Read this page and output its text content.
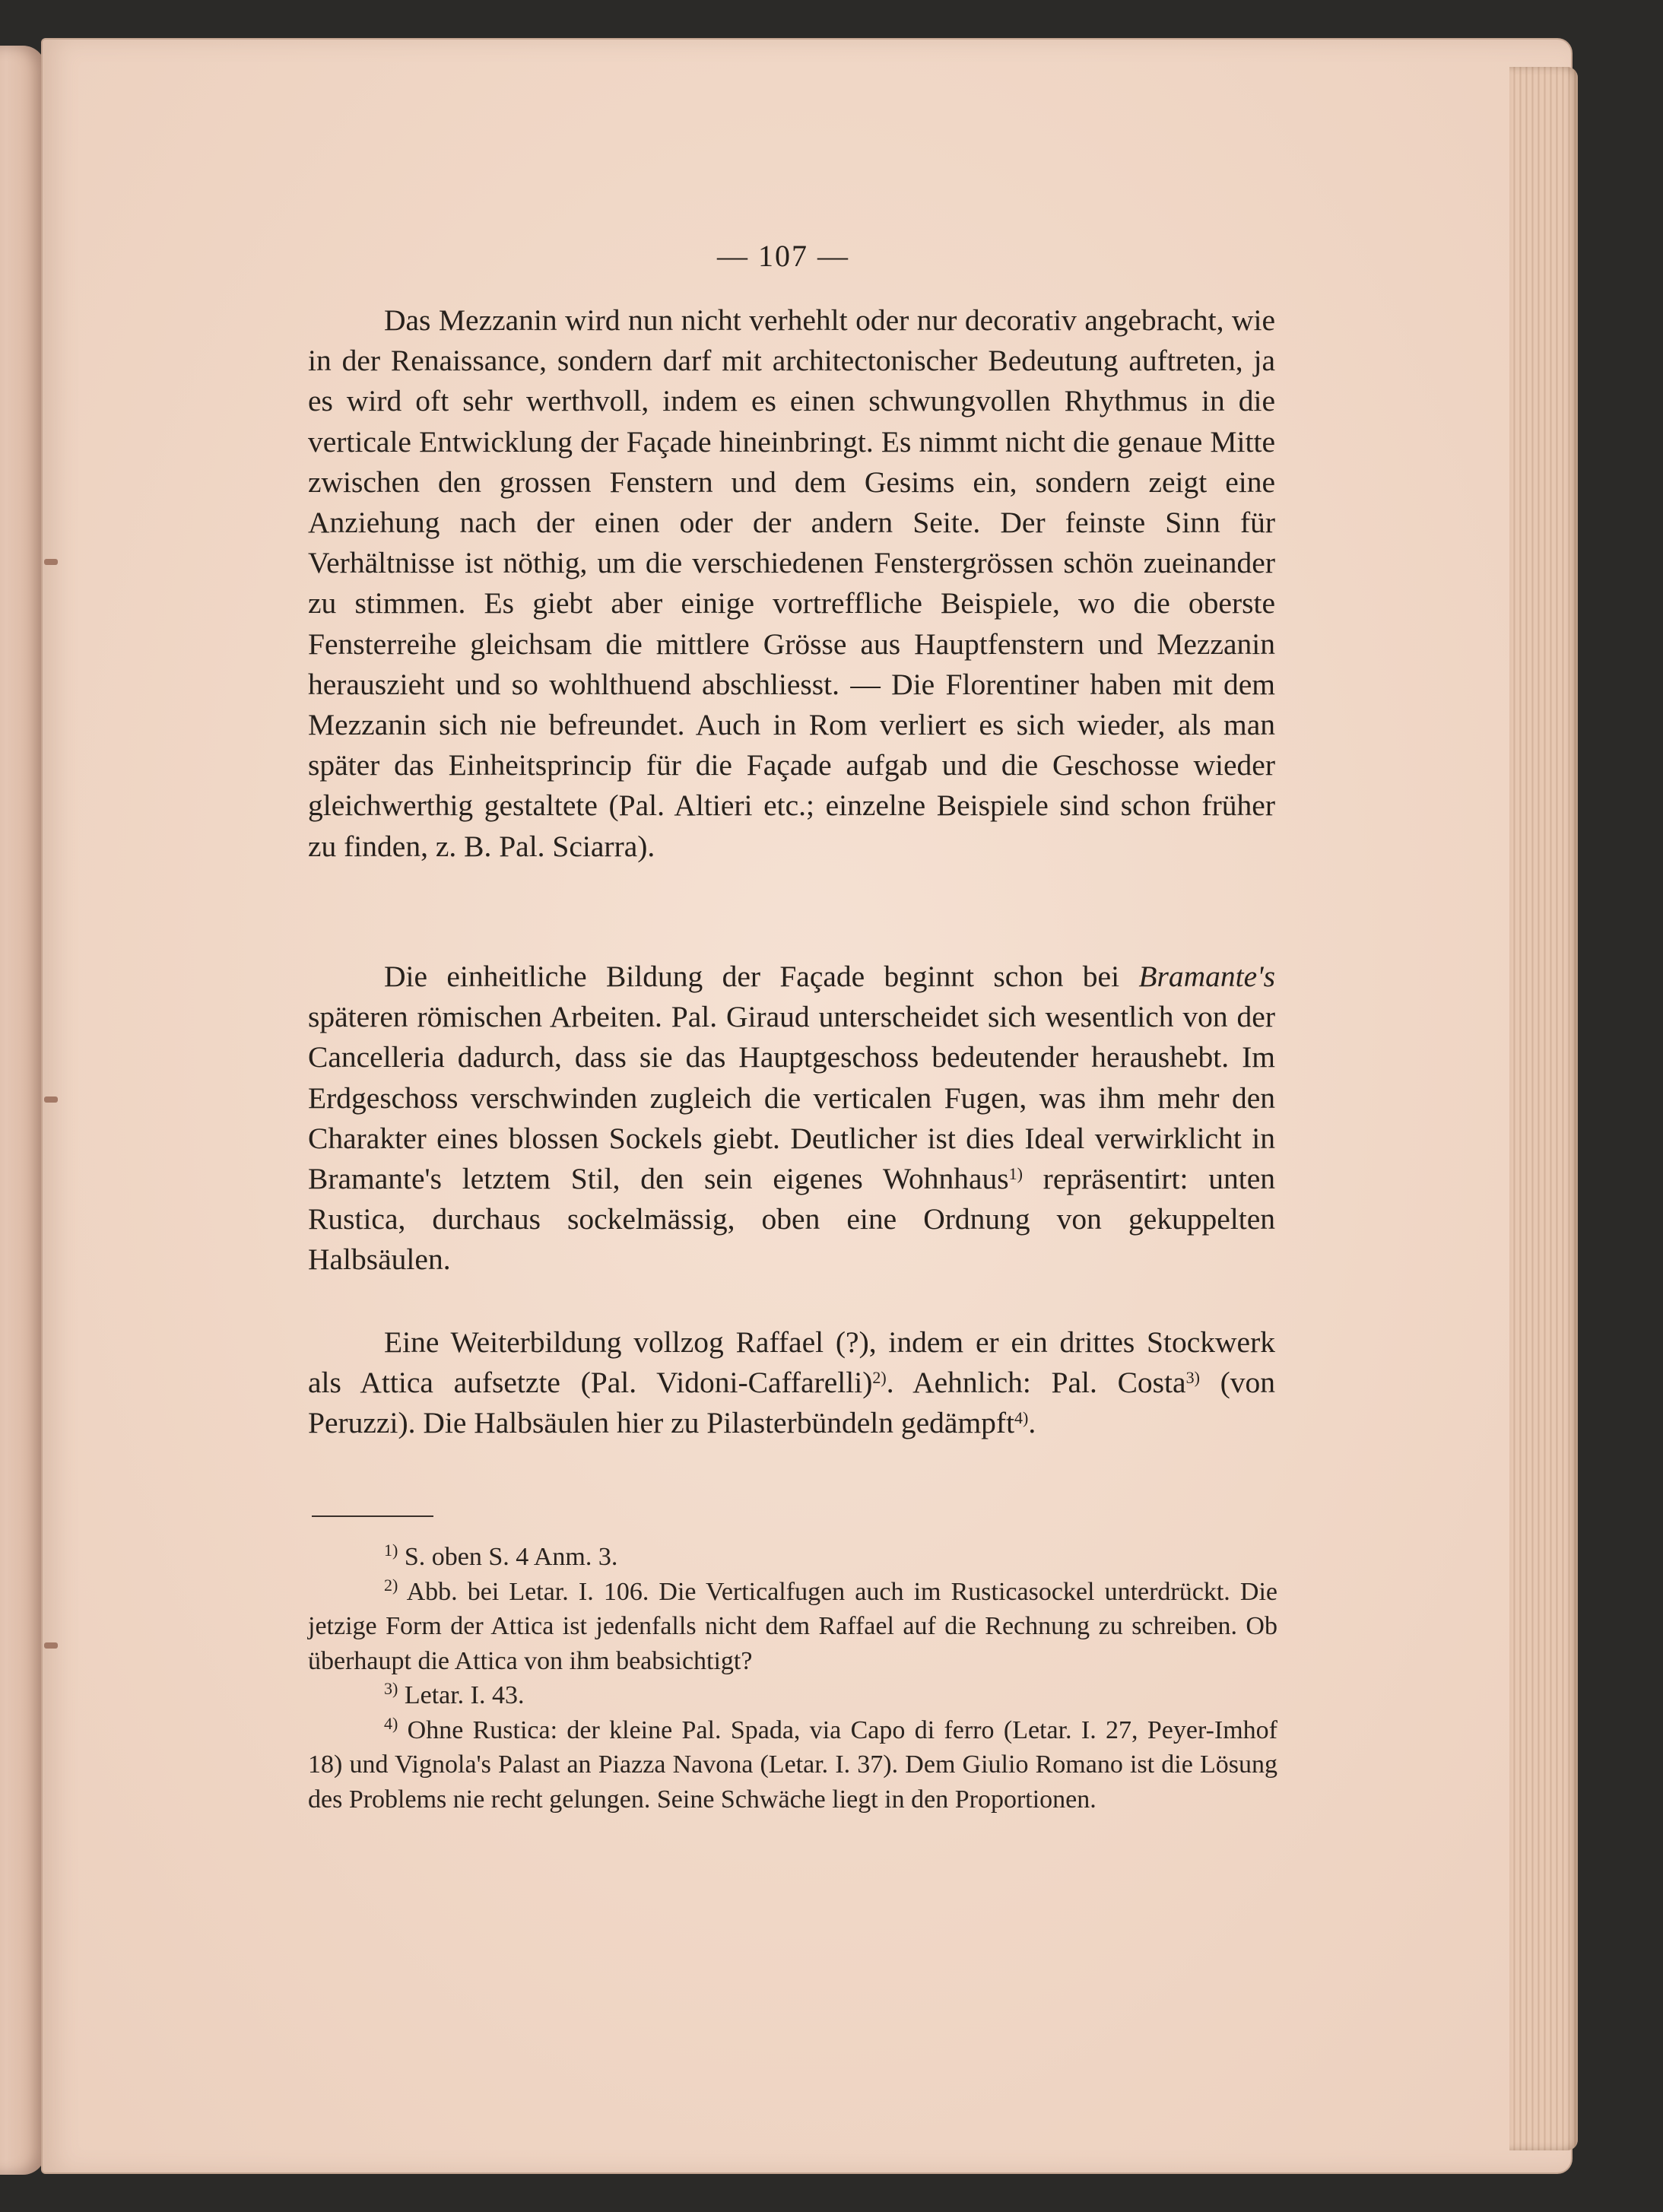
— 107 —

Das Mezzanin wird nun nicht verhehlt oder nur decorativ angebracht, wie in der Renaissance, sondern darf mit architectonischer Bedeutung auftreten, ja es wird oft sehr werthvoll, indem es einen schwungvollen Rhythmus in die verticale Entwicklung der Façade hineinbringt. Es nimmt nicht die genaue Mitte zwischen den grossen Fenstern und dem Gesims ein, sondern zeigt eine Anziehung nach der einen oder der andern Seite. Der feinste Sinn für Verhältnisse ist nöthig, um die verschiedenen Fenstergrössen schön zueinander zu stimmen. Es giebt aber einige vortreffliche Beispiele, wo die oberste Fensterreihe gleichsam die mittlere Grösse aus Hauptfenstern und Mezzanin herauszieht und so wohlthuend abschliesst. — Die Florentiner haben mit dem Mezzanin sich nie befreundet. Auch in Rom verliert es sich wieder, als man später das Einheitsprincip für die Façade aufgab und die Geschosse wieder gleichwerthig gestaltete (Pal. Altieri etc.; einzelne Beispiele sind schon früher zu finden, z. B. Pal. Sciarra).

Die einheitliche Bildung der Façade beginnt schon bei Bramante's späteren römischen Arbeiten. Pal. Giraud unterscheidet sich wesentlich von der Cancelleria dadurch, dass sie das Hauptgeschoss bedeutender heraushebt. Im Erdgeschoss verschwinden zugleich die verticalen Fugen, was ihm mehr den Charakter eines blossen Sockels giebt. Deutlicher ist dies Ideal verwirklicht in Bramante's letztem Stil, den sein eigenes Wohnhaus$^{1)}$ repräsentirt: unten Rustica, durchaus sockelmässig, oben eine Ordnung von gekuppelten Halbsäulen.

Eine Weiterbildung vollzog Raffael (?), indem er ein drittes Stockwerk als Attica aufsetzte (Pal. Vidoni-Caffarelli)$^{2)}$. Aehnlich: Pal. Costa$^{3)}$ (von Peruzzi). Die Halbsäulen hier zu Pilasterbündeln gedämpft$^{4)}$.

$^{1)}$ S. oben S. 4 Anm. 3.

$^{2)}$ Abb. bei Letar. I. 106. Die Verticalfugen auch im Rusticasockel unterdrückt. Die jetzige Form der Attica ist jedenfalls nicht dem Raffael auf die Rechnung zu schreiben. Ob überhaupt die Attica von ihm beabsichtigt?

$^{3)}$ Letar. I. 43.

$^{4)}$ Ohne Rustica: der kleine Pal. Spada, via Capo di ferro (Letar. I. 27, Peyer-Imhof 18) und Vignola's Palast an Piazza Navona (Letar. I. 37). Dem Giulio Romano ist die Lösung des Problems nie recht gelungen. Seine Schwäche liegt in den Proportionen.
